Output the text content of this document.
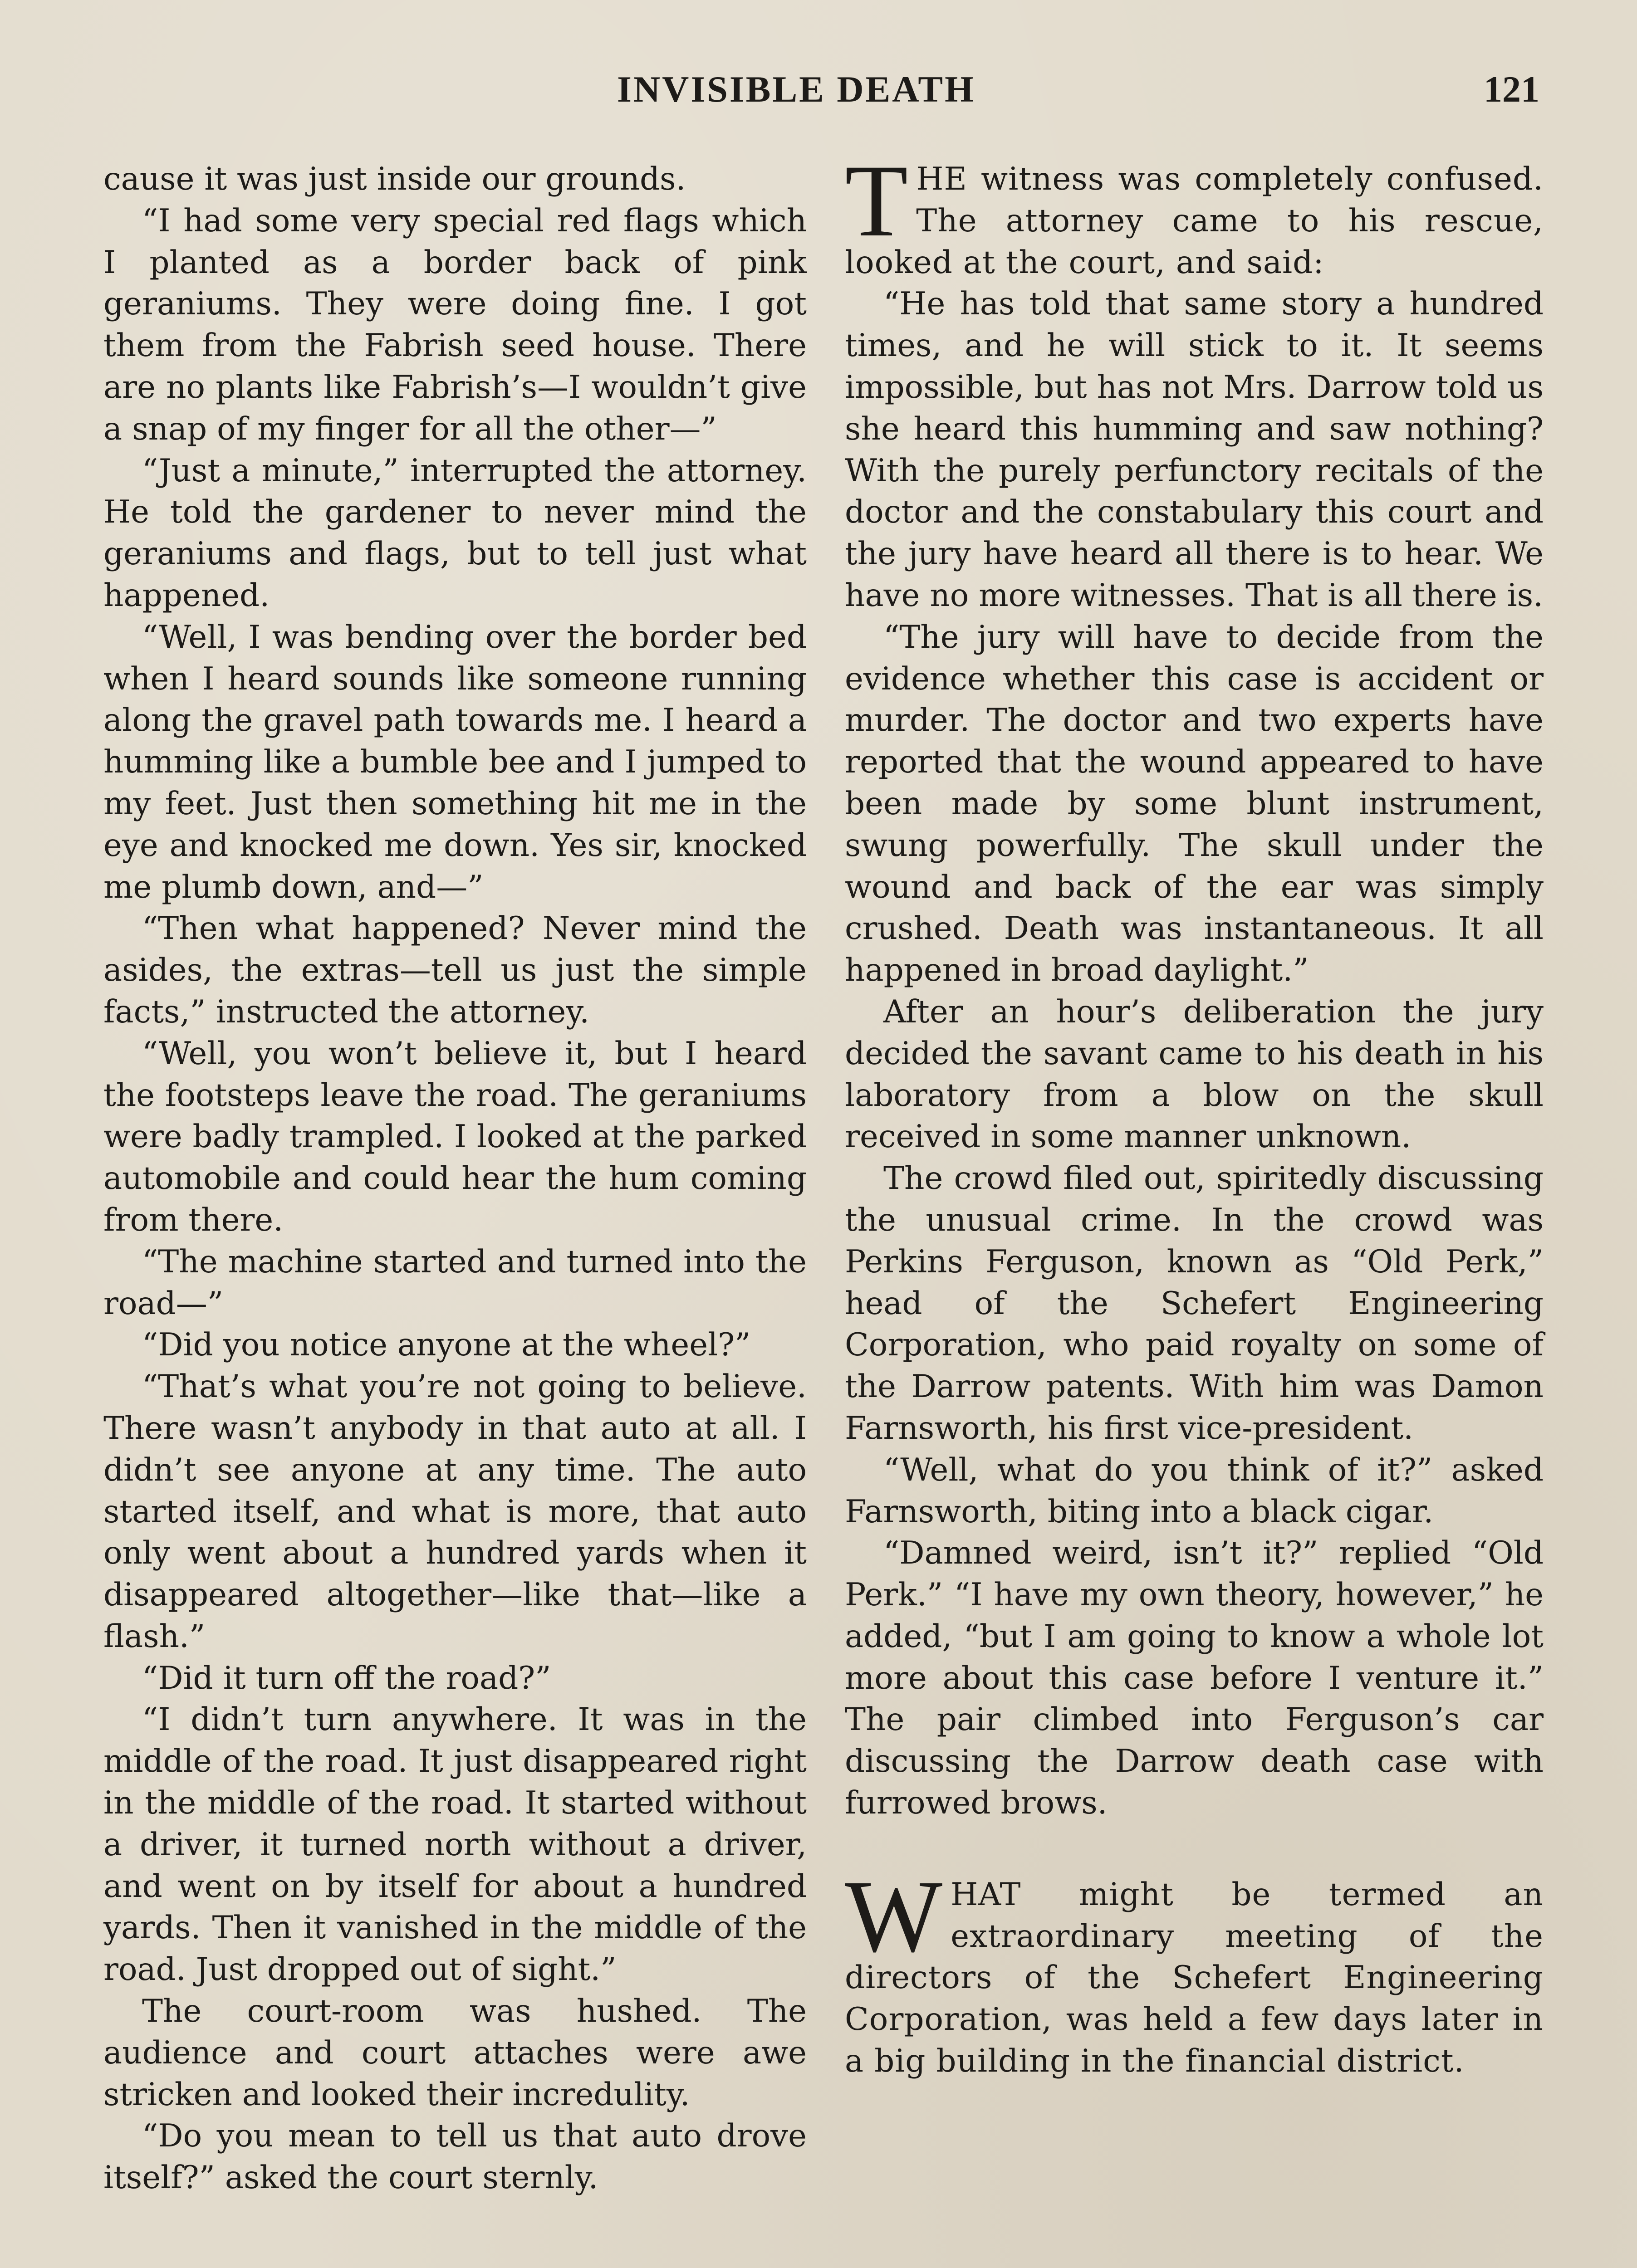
INVISIBLE DEATH	121

cause it was just inside our grounds.

“I had some very special red flags which I planted as a border back of pink geraniums. They were doing fine. I got them from the Fabrish seed house. There are no plants like Fabrish’s—I wouldn’t give a snap of my finger for all the other—”

“Just a minute,” interrupted the attorney. He told the gardener to never mind the geraniums and flags, but to tell just what happened.

“Well, I was bending over the border bed when I heard sounds like someone running along the gravel path towards me. I heard a humming like a bumble bee and I jumped to my feet. Just then something hit me in the eye and knocked me down. Yes sir, knocked me plumb down, and—”

“Then what happened? Never mind the asides, the extras—tell us just the simple facts,” instructed the attorney.

“Well, you won’t believe it, but I heard the footsteps leave the road. The geraniums were badly trampled. I looked at the parked automobile and could hear the hum coming from there.

“The machine started and turned into the road—”

“Did you notice anyone at the wheel?”

“That’s what you’re not going to believe. There wasn’t anybody in that auto at all. I didn’t see anyone at any time. The auto started itself, and what is more, that auto only went about a hundred yards when it disappeared altogether—like that—like a flash.”

“Did it turn off the road?”

“I didn’t turn anywhere. It was in the middle of the road. It just disappeared right in the middle of the road. It started without a driver, it turned north without a driver, and went on by itself for about a hundred yards. Then it vanished in the middle of the road. Just dropped out of sight.”

The court-room was hushed. The audience and court attaches were awe stricken and looked their incredulity.

“Do you mean to tell us that auto drove itself?” asked the court sternly.

THE witness was completely confused. The attorney came to his rescue, looked at the court, and said:

“He has told that same story a hundred times, and he will stick to it. It seems impossible, but has not Mrs. Darrow told us she heard this humming and saw nothing? With the purely perfunctory recitals of the doctor and the constabulary this court and the jury have heard all there is to hear. We have no more witnesses. That is all there is.

“The jury will have to decide from the evidence whether this case is accident or murder. The doctor and two experts have reported that the wound appeared to have been made by some blunt instrument, swung powerfully. The skull under the wound and back of the ear was simply crushed. Death was instantaneous. It all happened in broad daylight.”

After an hour’s deliberation the jury decided the savant came to his death in his laboratory from a blow on the skull received in some manner unknown.

The crowd filed out, spiritedly discussing the unusual crime. In the crowd was Perkins Ferguson, known as “Old Perk,” head of the Schefert Engineering Corporation, who paid royalty on some of the Darrow patents. With him was Damon Farnsworth, his first vice-president.

“Well, what do you think of it?” asked Farnsworth, biting into a black cigar.

“Damned weird, isn’t it?” replied “Old Perk.” “I have my own theory, however,” he added, “but I am going to know a whole lot more about this case before I venture it.” The pair climbed into Ferguson’s car discussing the Darrow death case with furrowed brows.

WHAT might be termed an extraordinary meeting of the directors of the Schefert Engineering Corporation, was held a few days later in a big building in the financial district.
